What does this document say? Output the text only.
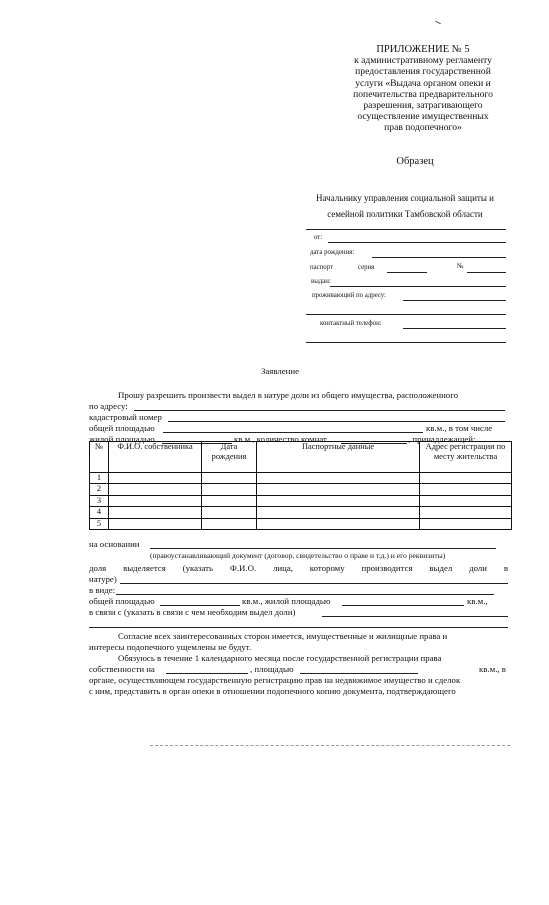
ПРИЛОЖЕНИЕ № 5
к административному регламенту
предоставления государственной
услуги «Выдача органом опеки и
попечительства предварительного
разрешения, затрагивающего
осуществление имущественных
прав подопечного»
Образец
Начальнику управления социальной защиты и
семейной политики Тамбовской области
от:
дата рождения:
паспорт	серия	№
выдан:
проживающий по адресу:
контактный телефон:
Заявление
Прошу разрешить произвести выдел в натуре доли из общего имущества, расположенного
по адресу:
кадастровый номер
общей площадью	кв.м., в том числе
жилой площадью	кв.м., количество комнат	, принадлежащей:
№	Ф.И.О. собственника	Дата рождения	Паспортные данные	Адрес регистрации по месту жительства
1				
2				
3				
4				
5				
на основании
(правоустанавливающий документ (договор, свидетельство о праве и т.д.) и его реквизиты)
доля выделяется (указать Ф.И.О. лица, которому производится выдел доли в
натуре)
в виде:
общей площадью	кв.м., жилой площадью	кв.м.,
в связи с (указать в связи с чем необходим выдел доли)
Согласие всех заинтересованных сторон имеется, имущественные и жилищные права и
интересы подопечного ущемлены не будут.
Обязуюсь в течение 1 календарного месяца после государственной регистрации права
собственности на	, площадью	кв.м., в
органе, осуществляющем государственную регистрацию прав на недвижимое имущество и сделок
с ним, представить в орган опеки в отношении подопечного копию документа, подтверждающего
